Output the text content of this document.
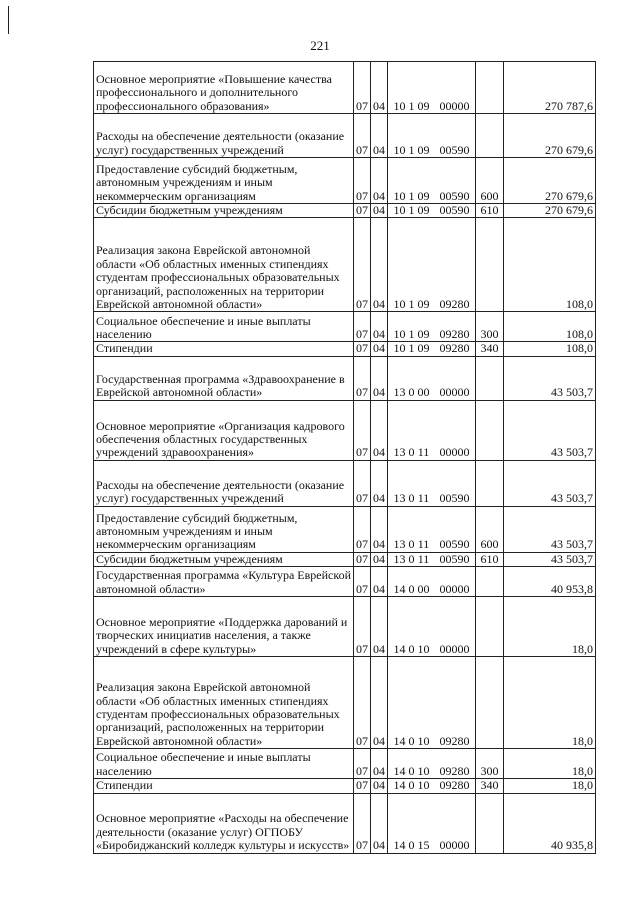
221
Основное мероприятие «Повышение качества профессионального и дополнительного профессионального образования»	07	04	10 1 09 00000		270 787,6
Расходы на обеспечение деятельности (оказание услуг) государственных учреждений	07	04	10 1 09 00590		270 679,6
Предоставление субсидий бюджетным, автономным учреждениям и иным некоммерческим организациям	07	04	10 1 09 00590	600	270 679,6
Субсидии бюджетным учреждениям	07	04	10 1 09 00590	610	270 679,6
Реализация закона Еврейской автономной области «Об областных именных стипендиях студентам профессиональных образовательных организаций, расположенных на территории Еврейской автономной области»	07	04	10 1 09 09280		108,0
Социальное обеспечение и иные выплаты населению	07	04	10 1 09 09280	300	108,0
Стипендии	07	04	10 1 09 09280	340	108,0
Государственная программа «Здравоохранение в Еврейской автономной области»	07	04	13 0 00 00000		43 503,7
Основное мероприятие «Организация кадрового обеспечения областных государственных учреждений здравоохранения»	07	04	13 0 11 00000		43 503,7
Расходы на обеспечение деятельности (оказание услуг) государственных учреждений	07	04	13 0 11 00590		43 503,7
Предоставление субсидий бюджетным, автономным учреждениям и иным некоммерческим организациям	07	04	13 0 11 00590	600	43 503,7
Субсидии бюджетным учреждениям	07	04	13 0 11 00590	610	43 503,7
Государственная программа «Культура Еврейской автономной области»	07	04	14 0 00 00000		40 953,8
Основное мероприятие «Поддержка дарований и творческих инициатив населения, а также учреждений в сфере культуры»	07	04	14 0 10 00000		18,0
Реализация закона Еврейской автономной области «Об областных именных стипендиях студентам профессиональных образовательных организаций, расположенных на территории Еврейской автономной области»	07	04	14 0 10 09280		18,0
Социальное обеспечение и иные выплаты населению	07	04	14 0 10 09280	300	18,0
Стипендии	07	04	14 0 10 09280	340	18,0
Основное мероприятие «Расходы на обеспечение деятельности (оказание услуг) ОГПОБУ «Биробиджанский колледж культуры и искусств»	07	04	14 0 15 00000		40 935,8
